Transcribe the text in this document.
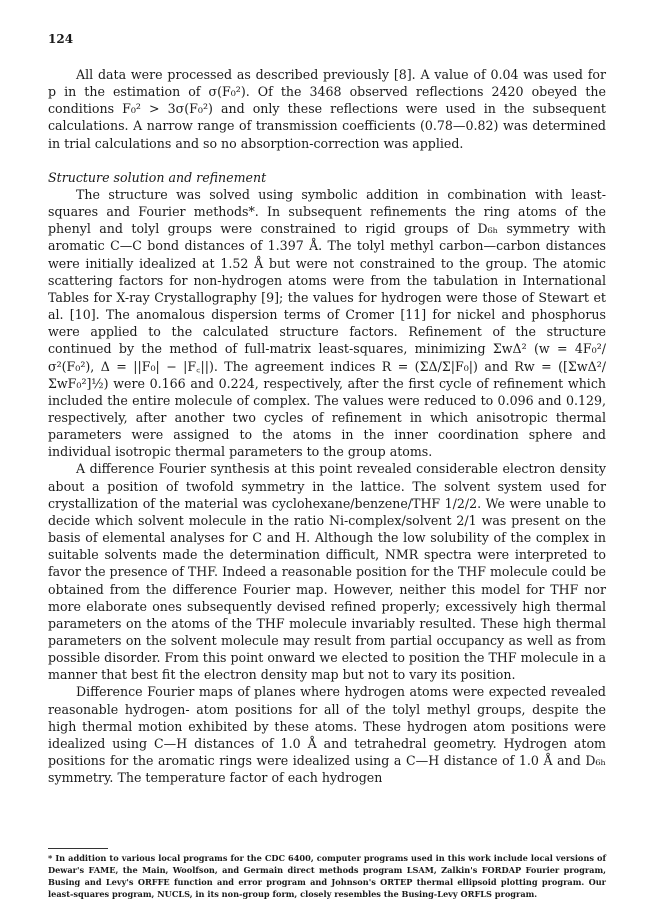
124

All data were processed as described previously [8]. A value of 0.04 was used for p in the estimation of σ(F₀²). Of the 3468 observed reflections 2420 obeyed the conditions F₀² > 3σ(F₀²) and only these reflections were used in the subsequent calculations. A narrow range of transmission coefficients (0.78—0.82) was determined in trial calculations and so no absorption-correction was applied.

Structure solution and refinement

The structure was solved using symbolic addition in combination with least-squares and Fourier methods*. In subsequent refinements the ring atoms of the phenyl and tolyl groups were constrained to rigid groups of D₆ₕ symmetry with aromatic C—C bond distances of 1.397 Å. The tolyl methyl carbon—carbon distances were initially idealized at 1.52 Å but were not constrained to the group. The atomic scattering factors for non-hydrogen atoms were from the tabulation in International Tables for X-ray Crystallography [9]; the values for hydrogen were those of Stewart et al. [10]. The anomalous dispersion terms of Cromer [11] for nickel and phosphorus were applied to the calculated structure factors. Refinement of the structure continued by the method of full-matrix least-squares, minimizing ΣwΔ² (w = 4F₀²/σ²(F₀²), Δ = ||F₀| − |F꜀||). The agreement indices R = (ΣΔ/Σ|F₀|) and Rw = ([ΣwΔ²/ΣwF₀²]½) were 0.166 and 0.224, respectively, after the first cycle of refinement which included the entire molecule of complex. The values were reduced to 0.096 and 0.129, respectively, after another two cycles of refinement in which anisotropic thermal parameters were assigned to the atoms in the inner coordination sphere and individual isotropic thermal parameters to the group atoms.

A difference Fourier synthesis at this point revealed considerable electron density about a position of twofold symmetry in the lattice. The solvent system used for crystallization of the material was cyclohexane/benzene/THF 1/2/2. We were unable to decide which solvent molecule in the ratio Ni-complex/solvent 2/1 was present on the basis of elemental analyses for C and H. Although the low solubility of the complex in suitable solvents made the determination difficult, NMR spectra were interpreted to favor the presence of THF. Indeed a reasonable position for the THF molecule could be obtained from the difference Fourier map. However, neither this model for THF nor more elaborate ones subsequently devised refined properly; excessively high thermal parameters on the atoms of the THF molecule invariably resulted. These high thermal parameters on the solvent molecule may result from partial occupancy as well as from possible disorder. From this point onward we elected to position the THF molecule in a manner that best fit the electron density map but not to vary its position.

Difference Fourier maps of planes where hydrogen atoms were expected revealed reasonable hydrogen- atom positions for all of the tolyl methyl groups, despite the high thermal motion exhibited by these atoms. These hydrogen atom positions were idealized using C—H distances of 1.0 Å and tetrahedral geometry. Hydrogen atom positions for the aromatic rings were idealized using a C—H distance of 1.0 Å and D₆ₕ symmetry. The temperature factor of each hydrogen

* In addition to various local programs for the CDC 6400, computer programs used in this work include local versions of Dewar's FAME, the Main, Woolfson, and Germain direct methods program LSAM, Zalkin's FORDAP Fourier program, Busing and Levy's ORFFE function and error program and Johnson's ORTEP thermal ellipsoid plotting program. Our least-squares program, NUCLS, in its non-group form, closely resembles the Busing-Levy ORFLS program.
